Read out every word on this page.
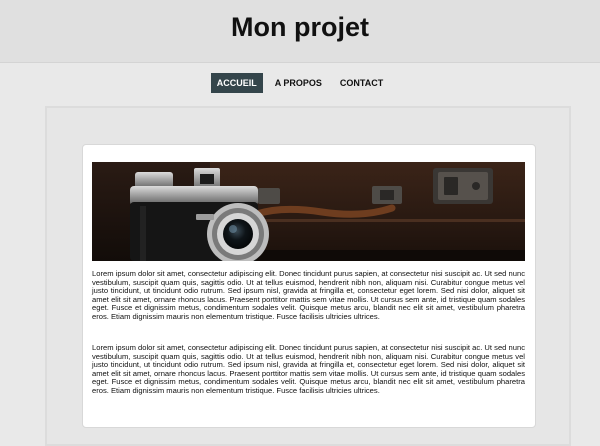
Mon projet
ACCUEIL A PROPOS CONTACT

Lorem ipsum dolor sit amet, consectetur adipiscing elit. Donec tincidunt purus sapien, at consectetur nisi suscipit ac. Ut sed nunc vestibulum, suscipit quam quis, sagittis odio. Ut at tellus euismod, hendrerit nibh non, aliquam nisi. Curabitur congue metus vel justo tincidunt, ut tincidunt odio rutrum. Sed ipsum nisl, gravida at fringilla et, consectetur eget lorem. Sed nisi dolor, aliquet sit amet elit sit amet, ornare rhoncus lacus. Praesent porttitor mattis sem vitae mollis. Ut cursus sem ante, id tristique quam sodales eget. Fusce et dignissim metus, condimentum sodales velit. Quisque metus arcu, blandit nec elit sit amet, vestibulum pharetra eros. Etiam dignissim mauris non elementum tristique. Fusce facilisis ultricies ultrices.

Lorem ipsum dolor sit amet, consectetur adipiscing elit. Donec tincidunt purus sapien, at consectetur nisi suscipit ac. Ut sed nunc vestibulum, suscipit quam quis, sagittis odio. Ut at tellus euismod, hendrerit nibh non, aliquam nisi. Curabitur congue metus vel justo tincidunt, ut tincidunt odio rutrum. Sed ipsum nisl, gravida at fringilla et, consectetur eget lorem. Sed nisi dolor, aliquet sit amet elit sit amet, ornare rhoncus lacus. Praesent porttitor mattis sem vitae mollis. Ut cursus sem ante, id tristique quam sodales eget. Fusce et dignissim metus, condimentum sodales velit. Quisque metus arcu, blandit nec elit sit amet, vestibulum pharetra eros. Etiam dignissim mauris non elementum tristique. Fusce facilisis ultricies ultrices.
